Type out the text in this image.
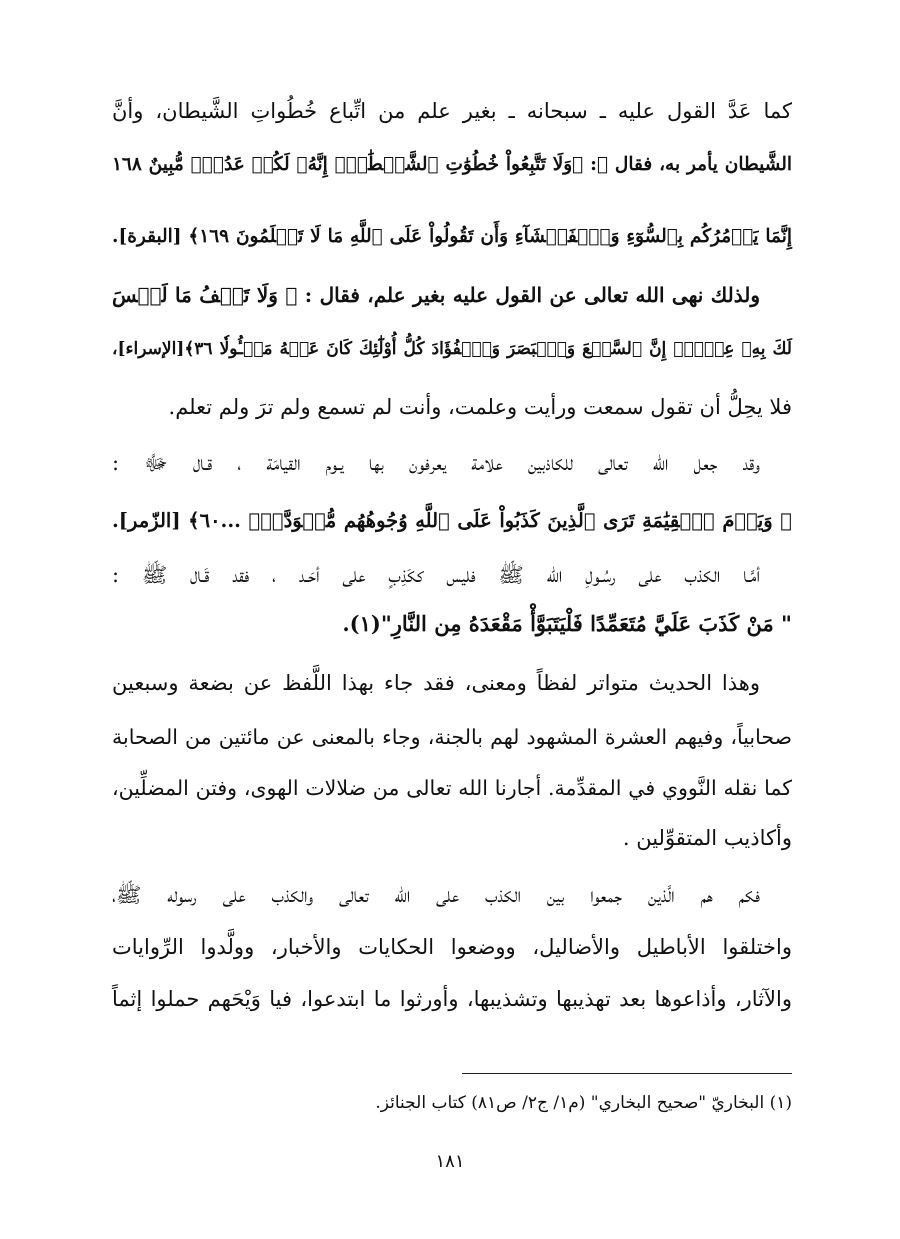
كما عَدَّ القول عليه ـ سبحانه ـ بغير علم من اتِّباع خُطُواتِ الشَّيطان، وأنَّ
الشَّيطان يأمر به، فقال ﷻ: ﴿وَلَا تَتَّبِعُواْ خُطُوَٰتِ ٱلشَّيۡطَٰنِۚ إِنَّهُۥ لَكُمۡ عَدُوّٞ مُّبِينٌ ١٦٨
إِنَّمَا يَأۡمُرُكُم بِٱلسُّوٓءِ وَٱلۡفَحۡشَآءِ وَأَن تَقُولُواْ عَلَى ٱللَّهِ مَا لَا تَعۡلَمُونَ ١٦٩﴾ [البقرة].
ولذلك نهى الله تعالى عن القول عليه بغير علم، فقال : ﴿ وَلَا تَقۡفُ مَا لَيۡسَ
لَكَ بِهِۦ عِلۡمٌۚ إِنَّ ٱلسَّمۡعَ وَٱلۡبَصَرَ وَٱلۡفُؤَادَ كُلُّ أُوْلَٰٓئِكَ كَانَ عَنۡهُ مَسۡـُٔولٗا ٣٦﴾[الإسراء]،
فلا يحِلُّ أن تقول سمعت ورأيت وعلمت، وأنت لم تسمع ولم ترَ ولم تعلم.
وقد جعل الله تعالى للكاذبين علامة يعرفون بها يـوم القيامَة ، قـال ﷻ :
﴿ وَيَوۡمَ ٱلۡقِيَٰمَةِ تَرَى ٱلَّذِينَ كَذَبُواْ عَلَى ٱللَّهِ وُجُوهُهُم مُّسۡوَدَّةٌۚ ...٦٠﴾ [الزّمر].
أمَّـا الكذب على رسُـولِ الله ﷺ فليس ككَذِبٍ على أحَـد ، فقد قَـال ﷺ :
" مَنْ كَذَبَ عَلَيَّ مُتَعَمِّدًا فَلْيَتَبَوَّأْ مَقْعَدَهُ مِن النَّارِ"(١).
وهذا الحديث متواتر لفظاً ومعنى، فقد جاء بهذا اللَّفظ عن بضعة وسبعين
صحابياً، وفيهم العشرة المشهود لهم بالجنة، وجاء بالمعنى عن مائتين من الصحابة
كما نقله النَّووي في المقدِّمة. أجارنا الله تعالى من ضلالات الهوى، وفتن المضلِّين،
وأكاذيب المتقوِّلين .
فكم هم الَّذين جمعوا بين الكذب على الله تعالى والكذب على رسوله ﷺ،
واختلقوا الأباطيل والأضاليل، ووضعوا الحكايات والأخبار، وولَّدوا الرِّوايات
والآثار، وأذاعوها بعد تهذيبها وتشذيبها، وأورثوا ما ابتدعوا، فيا وَيْحَهم حملوا إثماً
(١) البخاريّ "صحيح البخاري" (م١/ ج٢/ ص٨١) كتاب الجنائز.
١٨١
